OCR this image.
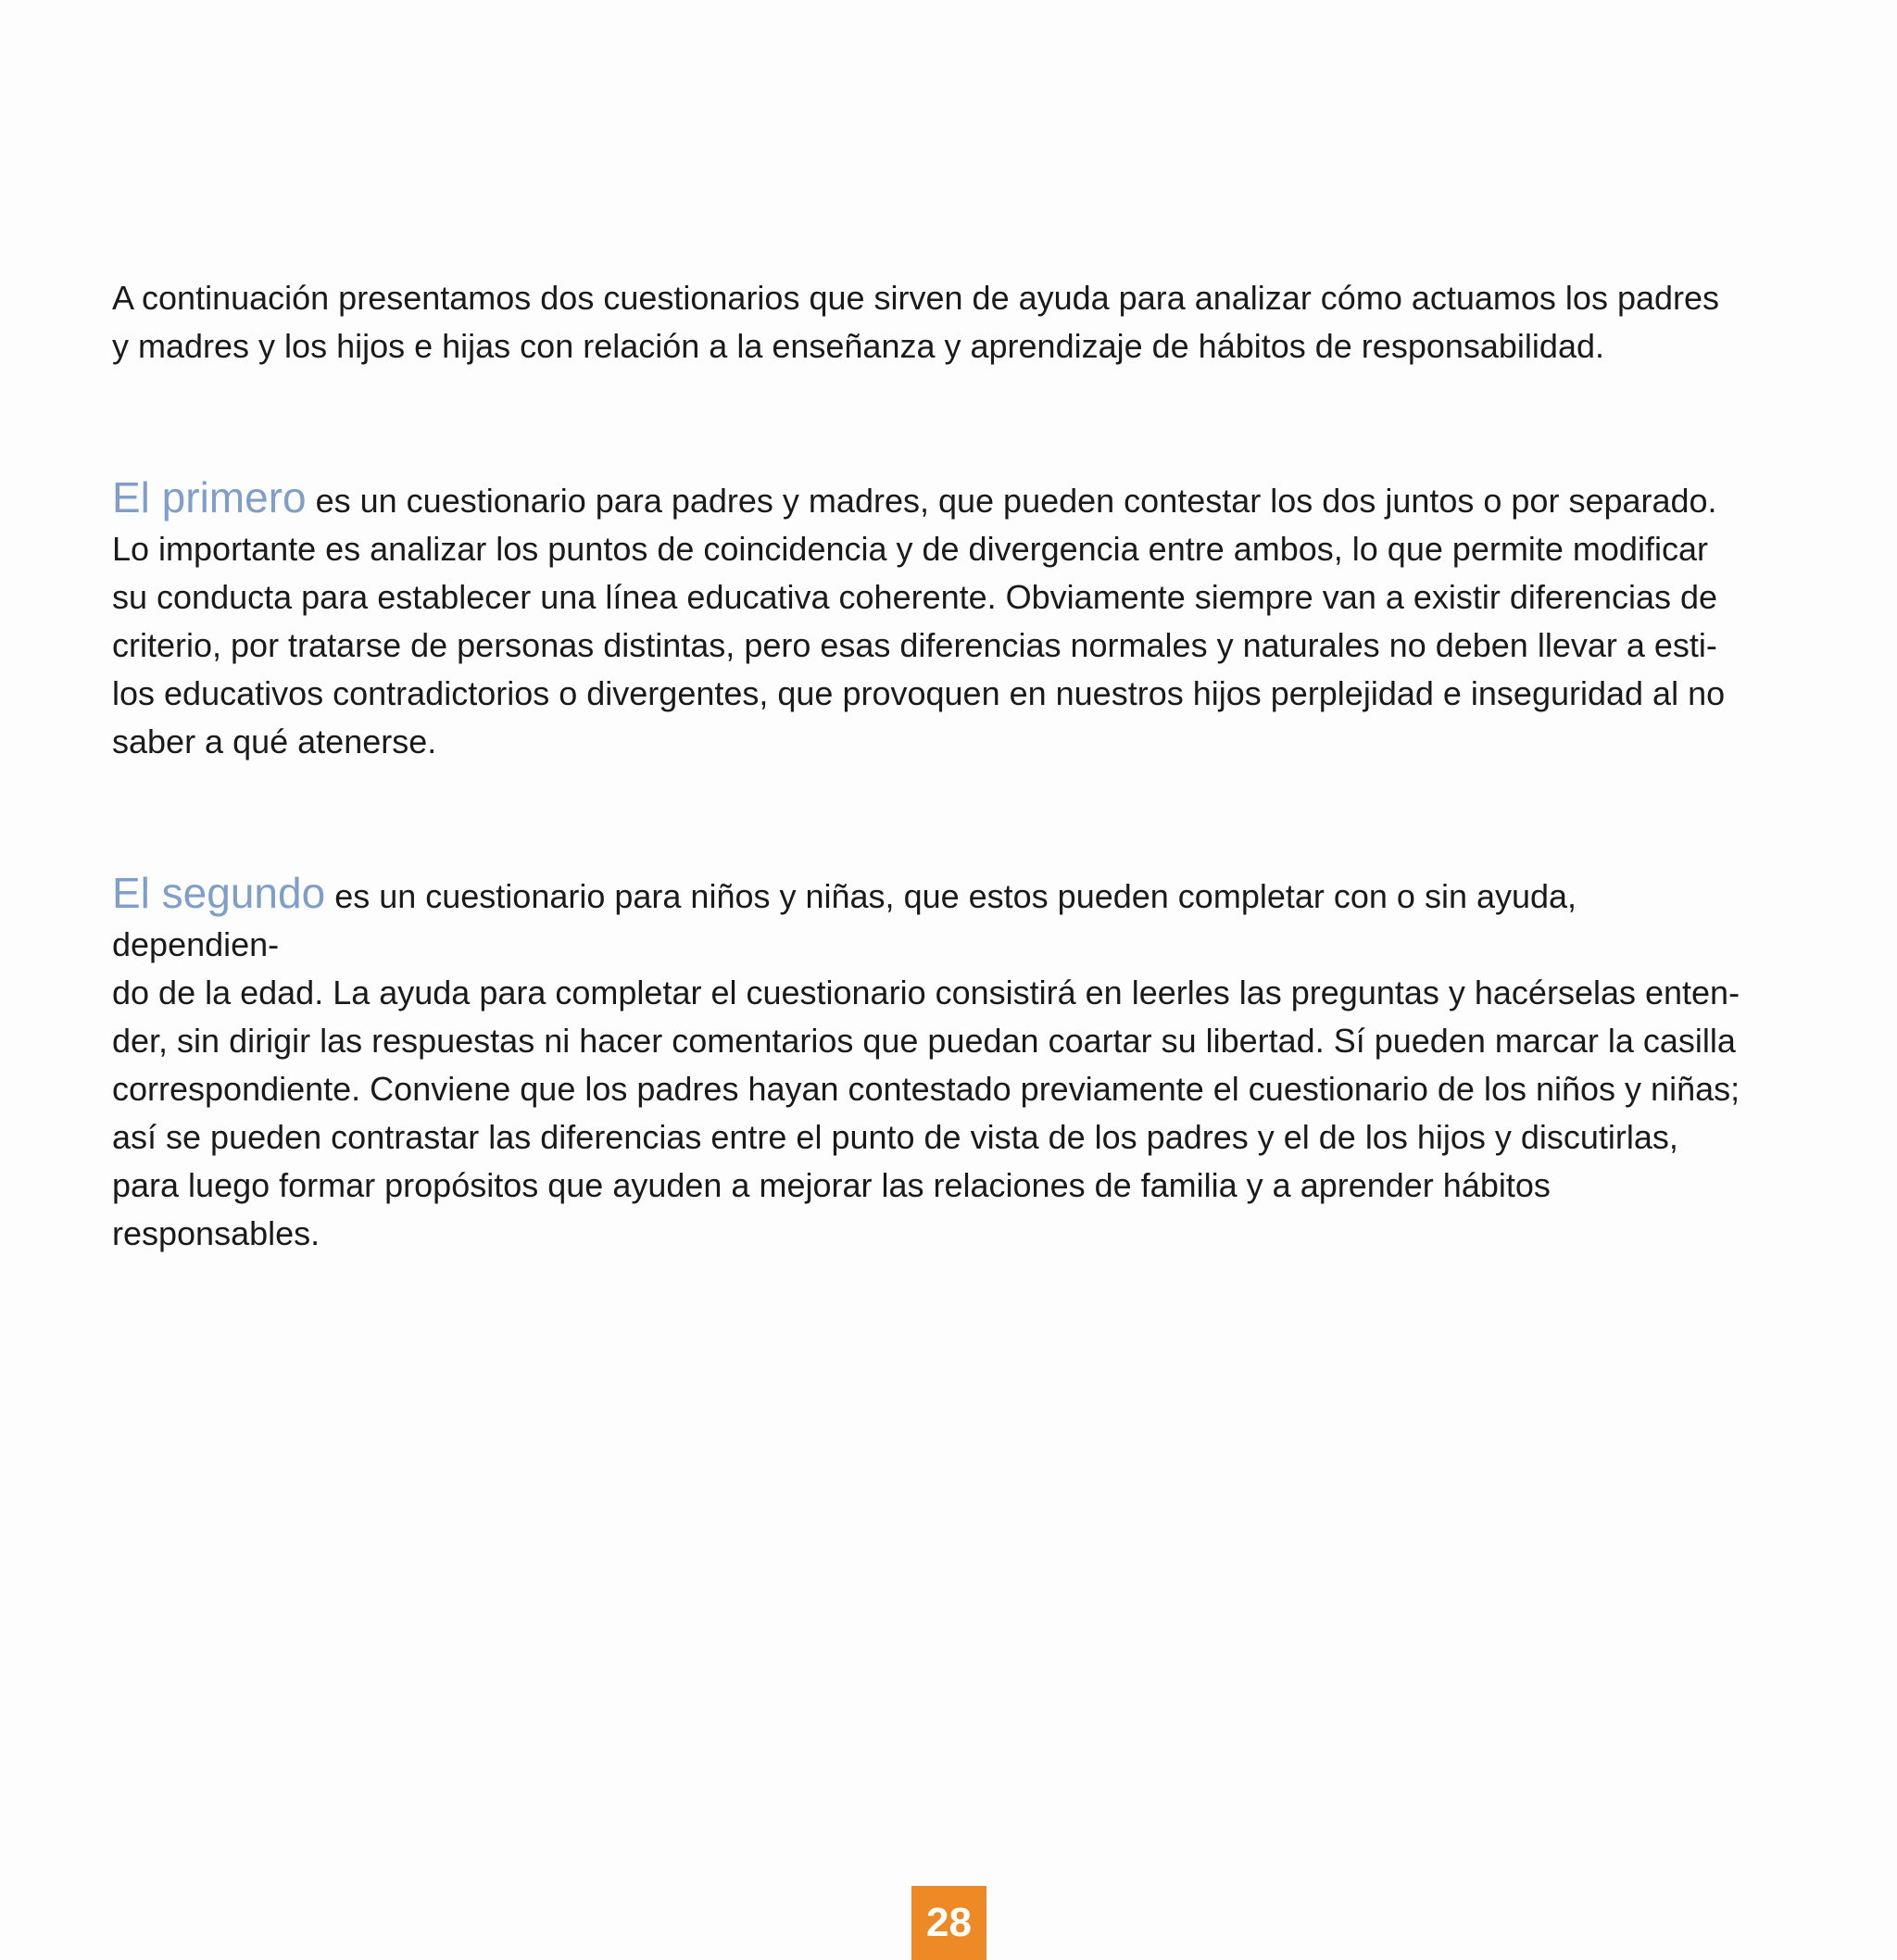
A continuación presentamos dos cuestionarios que sirven de ayuda para analizar cómo actuamos los padres
y madres y los hijos e hijas con relación a la enseñanza y aprendizaje de hábitos de responsabilidad.

El primero es un cuestionario para padres y madres, que pueden contestar los dos juntos o por separado.
Lo importante es analizar los puntos de coincidencia y de divergencia entre ambos, lo que permite modificar
su conducta para establecer una línea educativa coherente. Obviamente siempre van a existir diferencias de
criterio, por tratarse de personas distintas, pero esas diferencias normales y naturales no deben llevar a esti-
los educativos contradictorios o divergentes, que provoquen en nuestros hijos perplejidad e inseguridad al no
saber a qué atenerse.

El segundo es un cuestionario para niños y niñas, que estos pueden completar con o sin ayuda, dependien-
do de la edad. La ayuda para completar el cuestionario consistirá en leerles las preguntas y hacérselas enten-
der, sin dirigir las respuestas ni hacer comentarios que puedan coartar su libertad. Sí pueden marcar la casilla
correspondiente. Conviene que los padres hayan contestado previamente el cuestionario de los niños y niñas;
así se pueden contrastar las diferencias entre el punto de vista de los padres y el de los hijos y discutirlas,
para luego formar propósitos que ayuden a mejorar las relaciones de familia y a aprender hábitos responsables.

28
